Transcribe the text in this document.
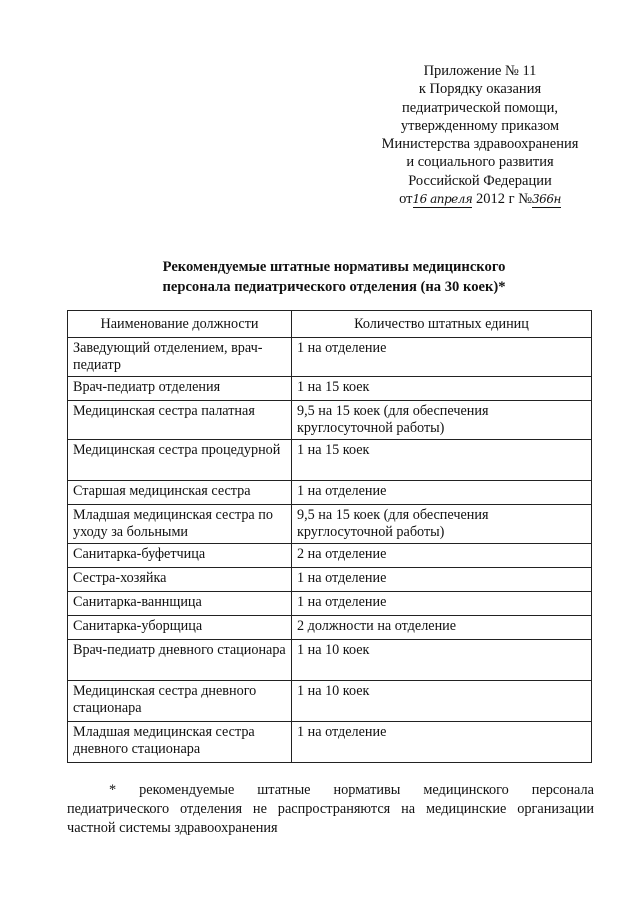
Приложение № 11
к Порядку оказания
педиатрической помощи,
утвержденному приказом
Министерства здравоохранения
и социального развития
Российской Федерации
от16 апреля 2012 г №366н
Рекомендуемые штатные нормативы медицинского
персонала педиатрического отделения (на 30 коек)*
Наименование должности	Количество штатных единиц
Заведующий отделением, врач-педиатр	1 на отделение
Врач-педиатр отделения	1 на 15 коек
Медицинская сестра палатная	9,5 на 15 коек (для обеспечения круглосуточной работы)
Медицинская сестра процедурной	1 на 15 коек
Старшая медицинская сестра	1 на отделение
Младшая медицинская сестра по уходу за больными	9,5 на 15 коек (для обеспечения круглосуточной работы)
Санитарка-буфетчица	2 на отделение
Сестра-хозяйка	1 на отделение
Санитарка-ваннщица	1 на отделение
Санитарка-уборщица	2 должности на отделение
Врач-педиатр дневного стационара	1 на 10 коек
Медицинская сестра дневного стационара	1 на 10 коек
Младшая медицинская сестра дневного стационара	1 на отделение
* рекомендуемые штатные нормативы медицинского персонала
педиатрического отделения не распространяются на медицинские организации частной системы здравоохранения
